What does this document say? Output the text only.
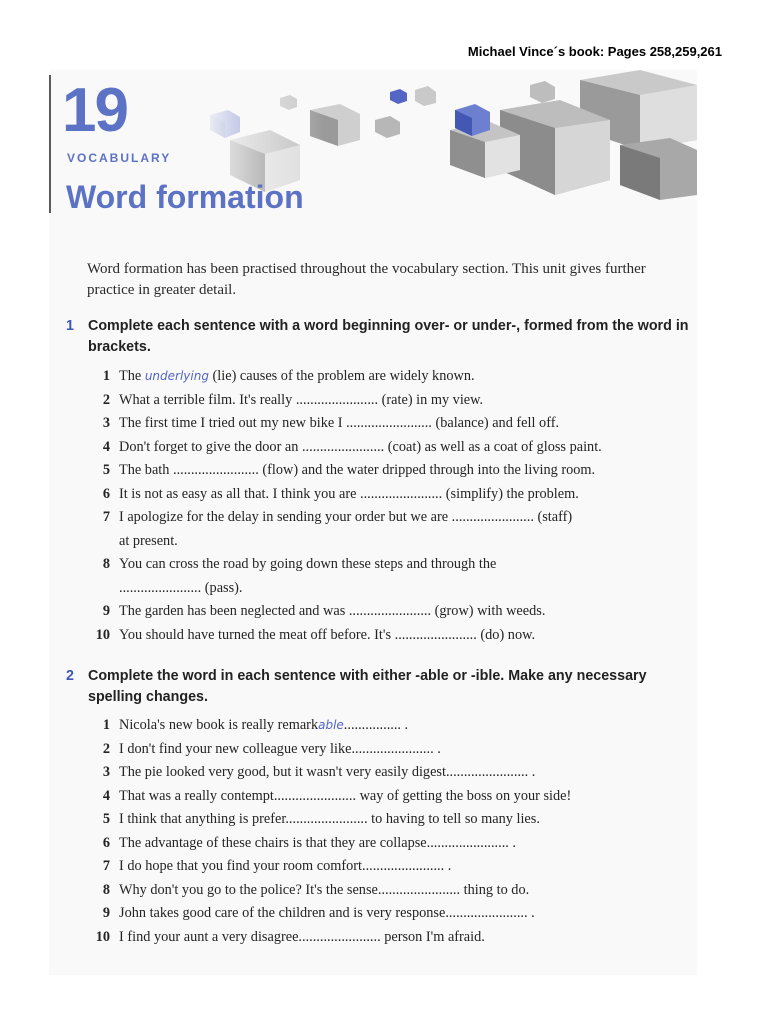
Michael Vince´s book: Pages 258,259,261
19
VOCABULARY
Word formation
Word formation has been practised throughout the vocabulary section. This unit gives further practice in greater detail.
1 Complete each sentence with a word beginning over- or under-, formed from the word in brackets.
1 The underlying (lie) causes of the problem are widely known.
2 What a terrible film. It's really ....................... (rate) in my view.
3 The first time I tried out my new bike I ........................ (balance) and fell off.
4 Don't forget to give the door an ....................... (coat) as well as a coat of gloss paint.
5 The bath ........................ (flow) and the water dripped through into the living room.
6 It is not as easy as all that. I think you are ....................... (simplify) the problem.
7 I apologize for the delay in sending your order but we are ....................... (staff)
at present.
8 You can cross the road by going down these steps and through the
....................... (pass).
9 The garden has been neglected and was ....................... (grow) with weeds.
10 You should have turned the meat off before. It's ....................... (do) now.
2 Complete the word in each sentence with either -able or -ible. Make any necessary spelling changes.
1 Nicola's new book is really remarkable................ .
2 I don't find your new colleague very like....................... .
3 The pie looked very good, but it wasn't very easily digest....................... .
4 That was a really contempt....................... way of getting the boss on your side!
5 I think that anything is prefer....................... to having to tell so many lies.
6 The advantage of these chairs is that they are collapse....................... .
7 I do hope that you find your room comfort....................... .
8 Why don't you go to the police? It's the sense....................... thing to do.
9 John takes good care of the children and is very response....................... .
10 I find your aunt a very disagree....................... person I'm afraid.
